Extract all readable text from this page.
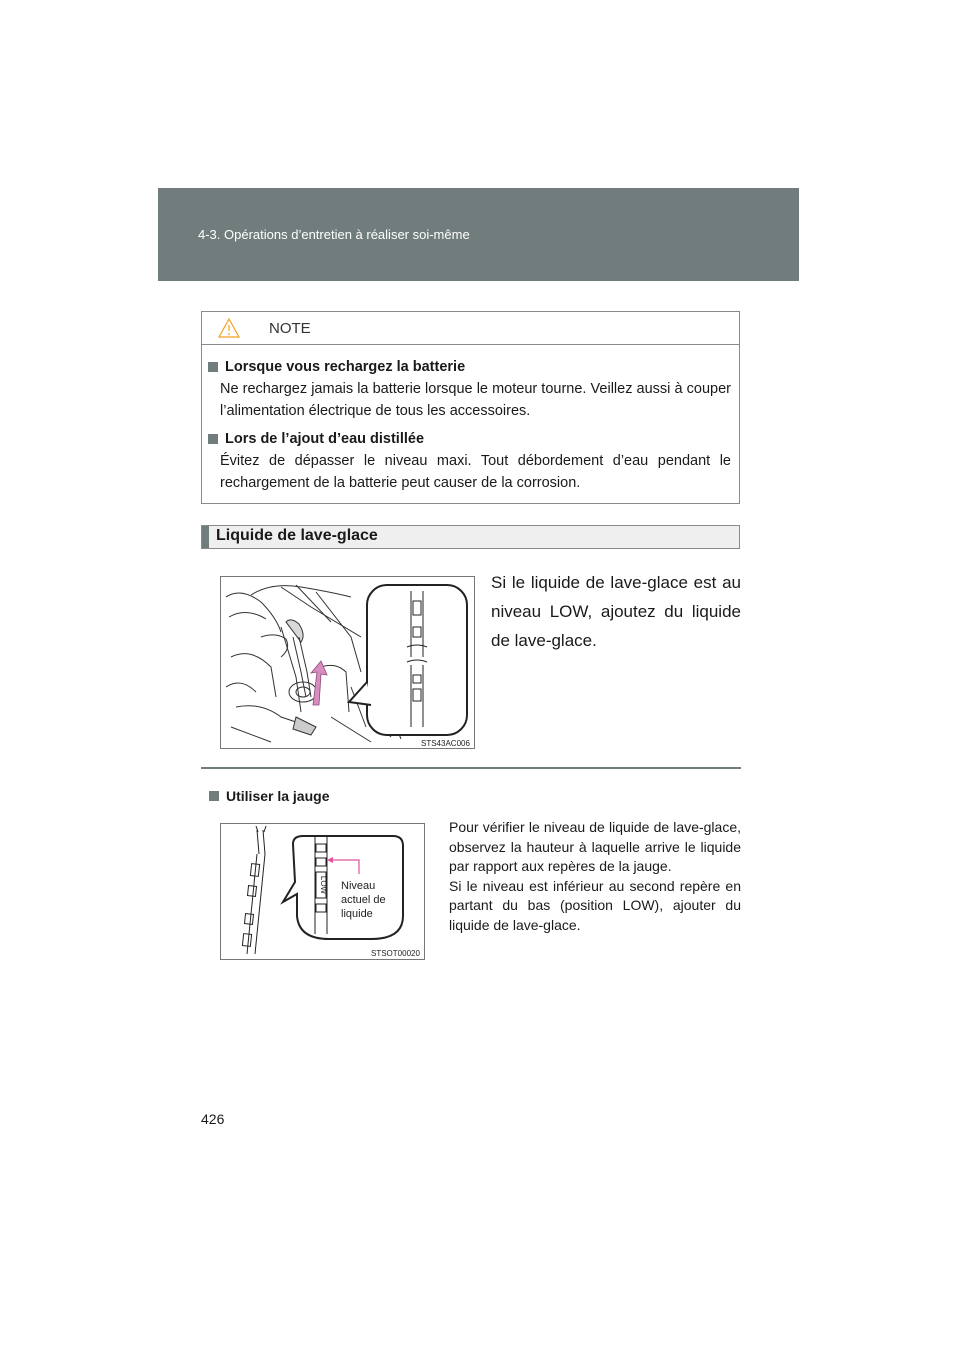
4-3. Opérations d’entretien à réaliser soi-même
NOTE
Lorsque vous rechargez la batterie
Ne rechargez jamais la batterie lorsque le moteur tourne. Veillez aussi à couper l’alimentation électrique de tous les accessoires.
Lors de l’ajout d’eau distillée
Évitez de dépasser le niveau maxi. Tout débordement d’eau pendant le rechargement de la batterie peut causer de la corrosion.
Liquide de lave-glace
STS43AC006
Si le liquide de lave-glace est au niveau LOW, ajoutez du liquide de lave-glace.
Utiliser la jauge
LOW Niveau
actuel de
liquide
STSOT00020

Pour vérifier le niveau de liquide de lave-glace, observez la hauteur à laquelle arrive le liquide par rapport aux repères de la jauge.

Si le niveau est inférieur au second repère en partant du bas (position LOW), ajouter du liquide de lave-glace.

426
